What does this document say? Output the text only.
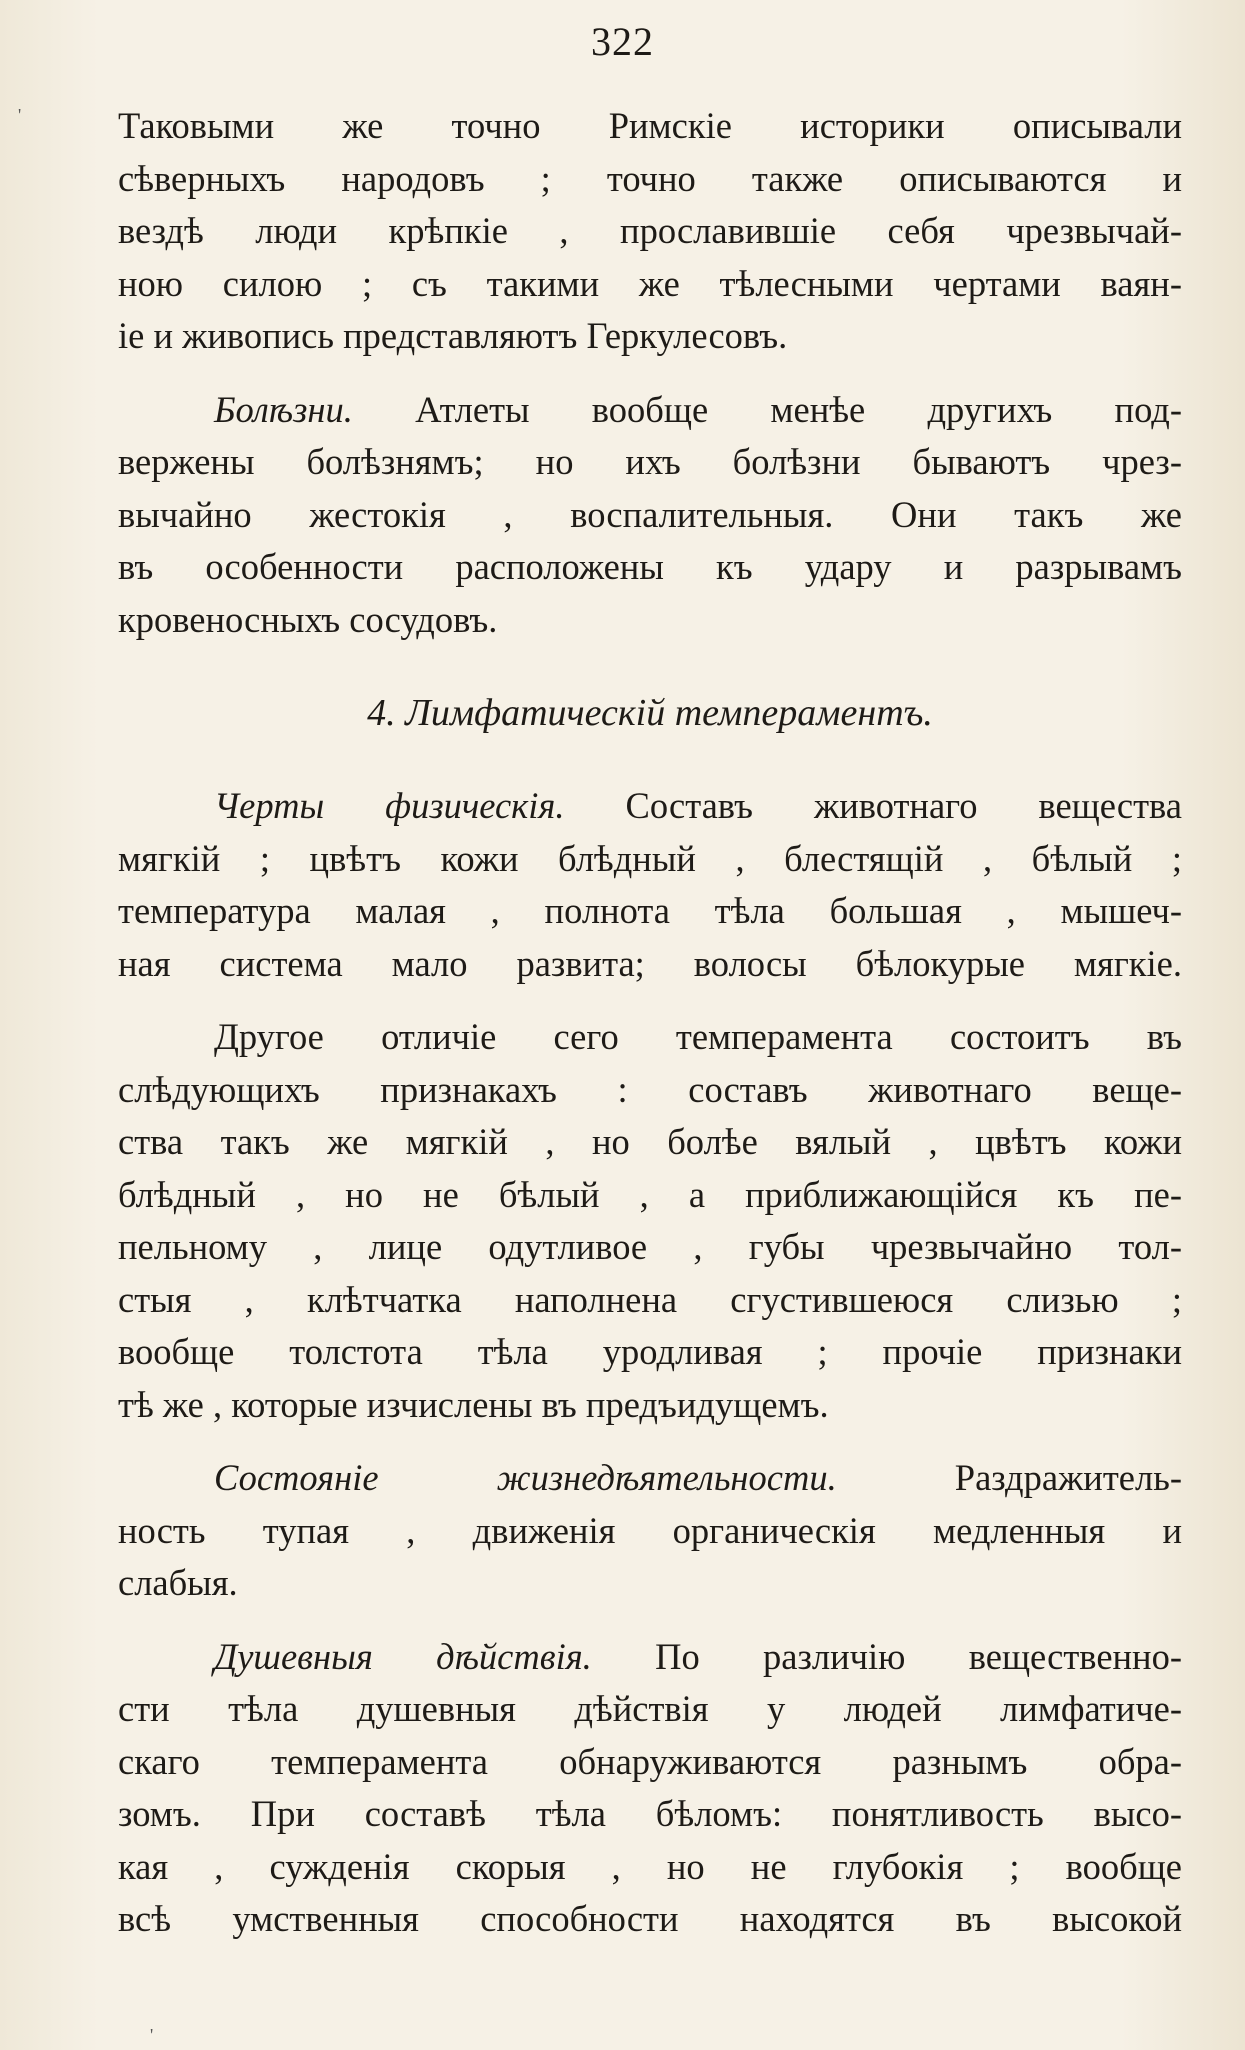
322

Таковыми же точно Римскіе историки описывали
сѣверныхъ народовъ ; точно также описываются и
вездѣ люди крѣпкіе , прославившіе себя чрезвычай-
ною силою ; съ такими же тѣлесными чертами ваян-
іе и живопись представляютъ Геркулесовъ.

Болѣзни. Атлеты вообще менѣе другихъ под-
вержены болѣзнямъ; но ихъ болѣзни бываютъ чрез-
вычайно жестокія , воспалительныя. Они такъ же
въ особенности расположены къ удару и разрывамъ
кровеносныхъ сосудовъ.

4. Лимфатическій темпераментъ.

Черты физическія. Составъ животнаго вещества
мягкій ; цвѣтъ кожи блѣдный , блестящій , бѣлый ;
температура малая , полнота тѣла большая , мышеч-
ная система мало развита; волосы бѣлокурые мягкіе.

Другое отличіе сего темперамента состоитъ въ
слѣдующихъ признакахъ : составъ животнаго веще-
ства такъ же мягкій , но болѣе вялый , цвѣтъ кожи
блѣдный , но не бѣлый , а приближающійся къ пе-
пельному , лице одутливое , губы чрезвычайно тол-
стыя , клѣтчатка наполнена сгустившеюся слизью ;
вообще толстота тѣла уродливая ; прочіе признаки
тѣ же , которые изчислены въ предъидущемъ.

Состояніе жизнедѣятельности.	Раздражитель-
ность тупая , движенія органическія медленныя и
слабыя.

Душевныя дѣйствія. По различію вещественно-
сти тѣла душевныя дѣйствія у людей лимфатиче-
скаго темперамента обнаруживаются разнымъ обра-
зомъ. При составѣ тѣла бѣломъ: понятливость высо-
кая , сужденія скорыя , но не глубокія ; вообще
всѣ умственныя способности находятся въ высокой

'
'
